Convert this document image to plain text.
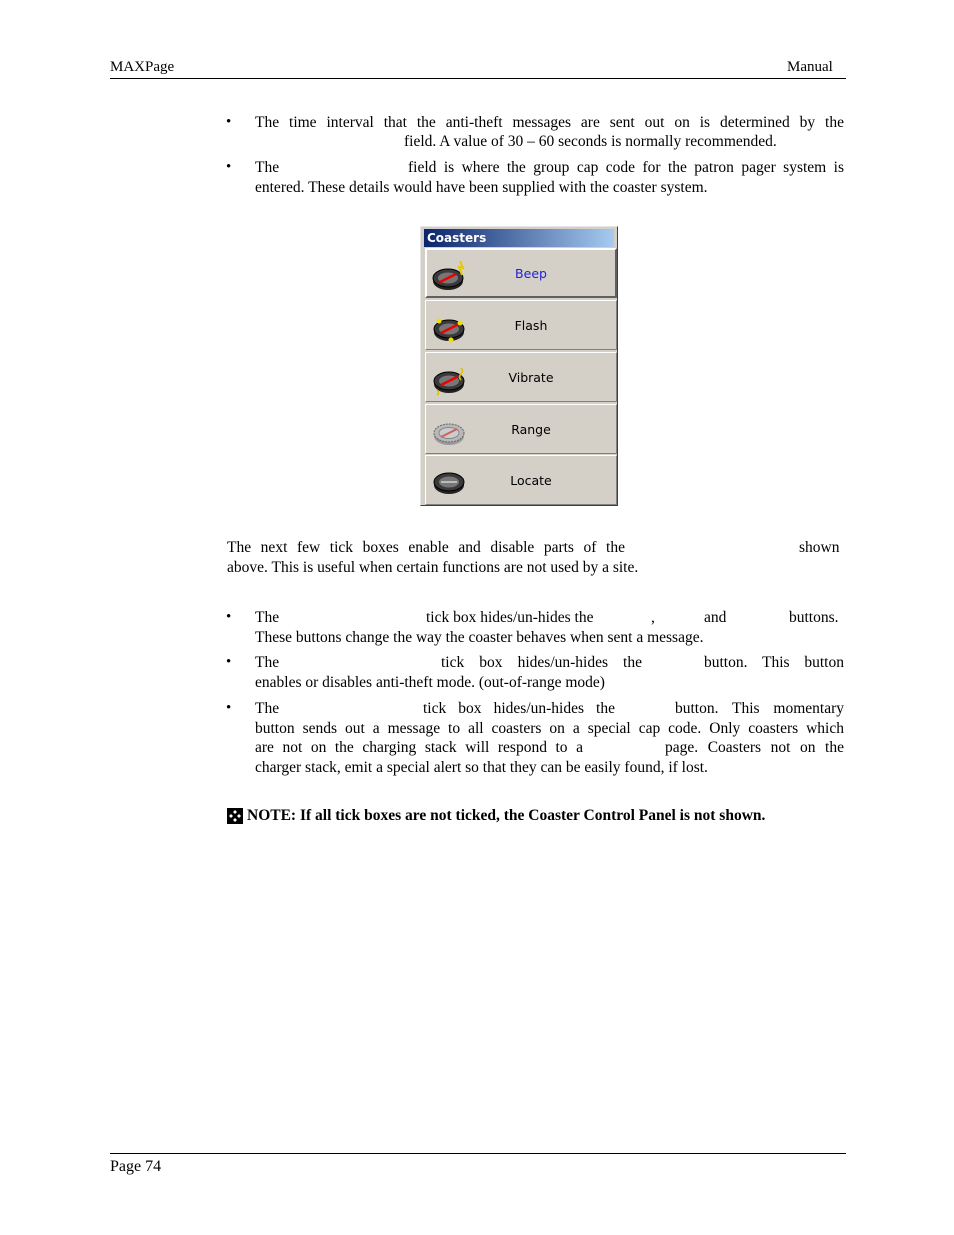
MAXPage	Manual
• The time interval that the anti-theft messages are sent out on is determined by the
field. A value of 30 – 60 seconds is normally recommended.
• The	field is where the group cap code for the patron pager system is
entered. These details would have been supplied with the coaster system.
Coasters
Beep
Flash
Vibrate
Range
Locate
The next few tick boxes enable and disable parts of the	shown
above. This is useful when certain functions are not used by a site.
• The	tick box hides/un-hides the	,	and	buttons.
These buttons change the way the coaster behaves when sent a message.
• The	tick box hides/un-hides the	button. This button
enables or disables anti-theft mode. (out-of-range mode)
• The	tick box hides/un-hides the	button. This momentary
button sends out a message to all coasters on a special cap code. Only coasters which
are not on the charging stack will respond to a	page. Coasters not on the
charger stack, emit a special alert so that they can be easily found, if lost.
NOTE: If all tick boxes are not ticked, the Coaster Control Panel is not shown.
Page 74
